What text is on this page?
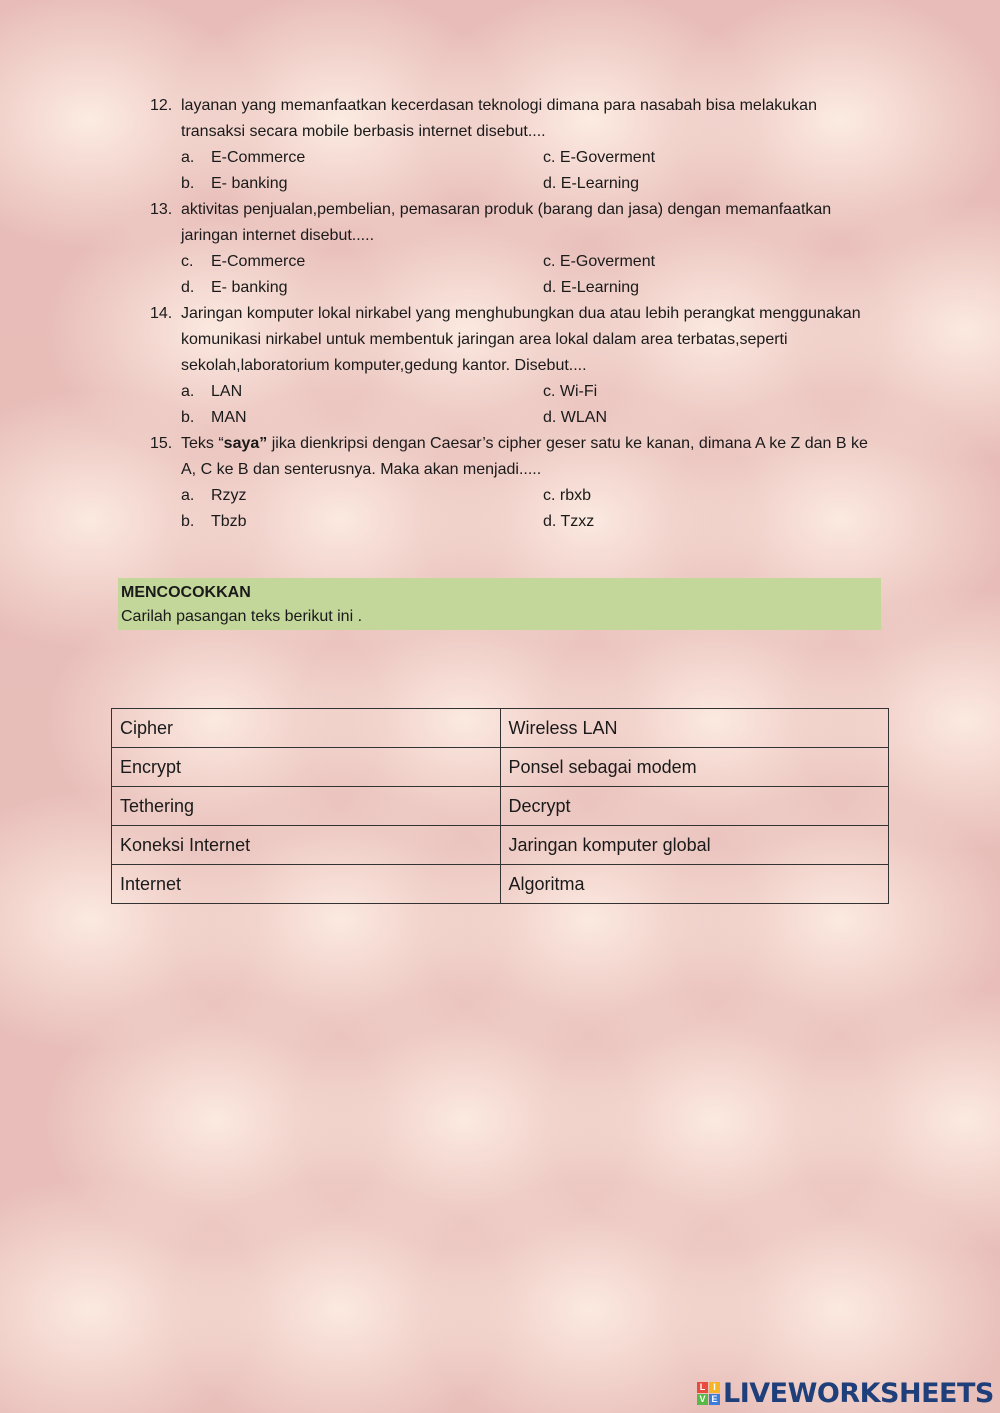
12. layanan yang memanfaatkan kecerdasan teknologi dimana para nasabah bisa melakukan transaksi secara mobile berbasis internet disebut....
a.	E-Commerce	c. E-Goverment
b.	E- banking	d. E-Learning
13. aktivitas penjualan,pembelian, pemasaran produk (barang dan jasa) dengan memanfaatkan jaringan internet disebut.....
c.	E-Commerce	c. E-Goverment
d.	E- banking	d. E-Learning
14. Jaringan komputer lokal nirkabel yang menghubungkan dua atau lebih perangkat menggunakan komunikasi nirkabel untuk membentuk jaringan area lokal dalam area terbatas,seperti sekolah,laboratorium komputer,gedung kantor. Disebut....
a.	LAN	c. Wi-Fi
b.	MAN	d. WLAN
15. Teks “saya” jika dienkripsi dengan Caesar’s cipher geser satu ke kanan, dimana A ke Z dan B ke A, C ke B dan senterusnya. Maka akan menjadi.....
a.	Rzyz	c. rbxb
b.	Tbzb	d. Tzxz
MENCOCOKKAN
Carilah pasangan teks berikut ini .
Cipher	Wireless LAN
Encrypt	Ponsel sebagai modem
Tethering	Decrypt
Koneksi Internet	Jaringan komputer global
Internet	Algoritma
L I
V E LIVEWORKSHEETS
